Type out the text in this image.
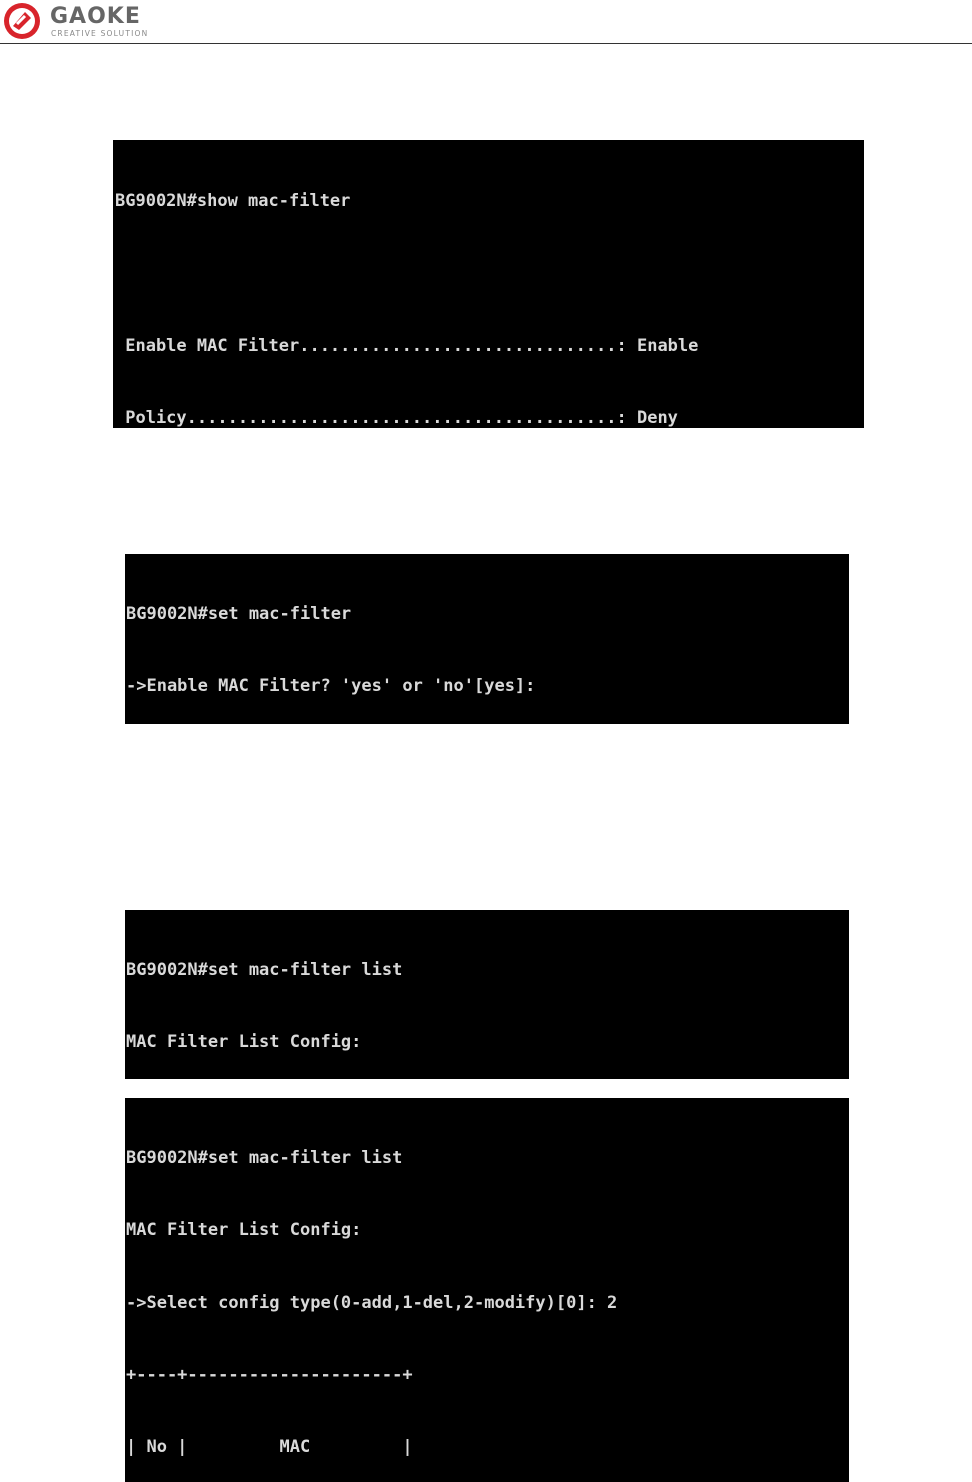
GAOKE
CREATIVE SOLUTION

BG9002N#show mac-filter

Enable MAC Filter...............................: Enable

Policy..........................................: Deny

BG9002N#set mac-filter

->Enable MAC Filter? 'yes' or 'no'[yes]:

BG9002N#set mac-filter list

MAC Filter List Config:

BG9002N#set mac-filter list

MAC Filter List Config:

->Select config type(0-add,1-del,2-modify)[0]: 2

+----+---------------------+

| No |         MAC         |
